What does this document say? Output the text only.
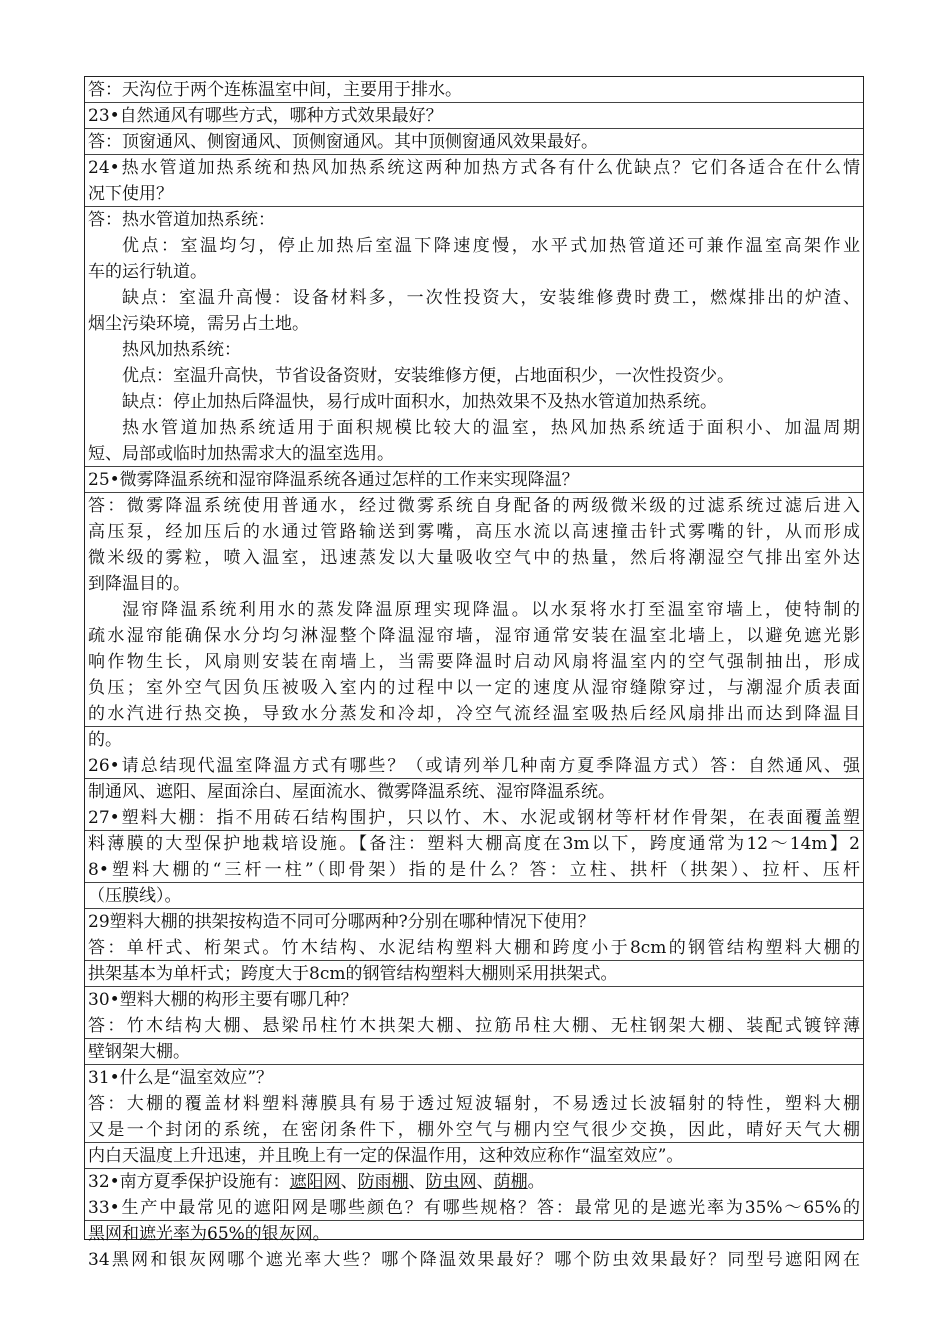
答：天沟位于两个连栋温室中间，主要用于排水。
23•自然通风有哪些方式，哪种方式效果最好？
答：顶窗通风、侧窗通风、顶侧窗通风。其中顶侧窗通风效果最好。
24•热水管道加热系统和热风加热系统这两种加热方式各有什么优缺点？它们各适合在什么情
况下使用？
答：热水管道加热系统：
优点：室温均匀，停止加热后室温下降速度慢，水平式加热管道还可兼作温室高架作业
车的运行轨道。
缺点：室温升高慢：设备材料多，一次性投资大，安装维修费时费工，燃煤排出的炉渣、
烟尘污染环境，需另占土地。
热风加热系统：
优点：室温升高快，节省设备资财，安装维修方便，占地面积少，一次性投资少。
缺点：停止加热后降温快，易行成叶面积水，加热效果不及热水管道加热系统。
热水管道加热系统适用于面积规模比较大的温室，热风加热系统适于面积小、加温周期
短、局部或临时加热需求大的温室选用。
25•微雾降温系统和湿帘降温系统各通过怎样的工作来实现降温？
答：微雾降温系统使用普通水，经过微雾系统自身配备的两级微米级的过滤系统过滤后进入
高压泵，经加压后的水通过管路输送到雾嘴，高压水流以高速撞击针式雾嘴的针，从而形成
微米级的雾粒，喷入温室，迅速蒸发以大量吸收空气中的热量，然后将潮湿空气排出室外达
到降温目的。
湿帘降温系统利用水的蒸发降温原理实现降温。以水泵将水打至温室帘墙上，使特制的
疏水湿帘能确保水分均匀淋湿整个降温湿帘墙，湿帘通常安装在温室北墙上，以避免遮光影
响作物生长，风扇则安装在南墙上，当需要降温时启动风扇将温室内的空气强制抽出，形成
负压；室外空气因负压被吸入室内的过程中以一定的速度从湿帘缝隙穿过，与潮湿介质表面
的水汽进行热交换，导致水分蒸发和冷却，冷空气流经温室吸热后经风扇排出而达到降温目
的。
26•请总结现代温室降温方式有哪些？（或请列举几种南方夏季降温方式）答：自然通风、强
制通风、遮阳、屋面涂白、屋面流水、微雾降温系统、湿帘降温系统。
27•塑料大棚：指不用砖石结构围护，只以竹、木、水泥或钢材等杆材作骨架，在表面覆盖塑
料薄膜的大型保护地栽培设施。【备注：塑料大棚高度在3m以下，跨度通常为12〜14m】2
8•塑料大棚的“三杆一柱”（即骨架）指的是什么？答：立柱、拱杆（拱架）、拉杆、压杆
（压膜线）。
29塑料大棚的拱架按构造不同可分哪两种?分别在哪种情况下使用？
答：单杆式、桁架式。竹木结构、水泥结构塑料大棚和跨度小于8cm的钢管结构塑料大棚的
拱架基本为单杆式；跨度大于8cm的钢管结构塑料大棚则采用拱架式。
30•塑料大棚的构形主要有哪几种？
答：竹木结构大棚、悬梁吊柱竹木拱架大棚、拉筋吊柱大棚、无柱钢架大棚、装配式镀锌薄
壁钢架大棚。
31•什么是“温室效应”？
答：大棚的覆盖材料塑料薄膜具有易于透过短波辐射，不易透过长波辐射的特性，塑料大棚
又是一个封闭的系统，在密闭条件下，棚外空气与棚内空气很少交换，因此，晴好天气大棚
内白天温度上升迅速，并且晚上有一定的保温作用，这种效应称作“温室效应”。
32•南方夏季保护设施有：遮阳网、防雨棚、防虫网、荫棚。
33•生产中最常见的遮阳网是哪些颜色？有哪些规格？答：最常见的是遮光率为35%〜65%的
黑网和遮光率为65%的银灰网。
34黑网和银灰网哪个遮光率大些？哪个降温效果最好？哪个防虫效果最好？同型号遮阳网在
